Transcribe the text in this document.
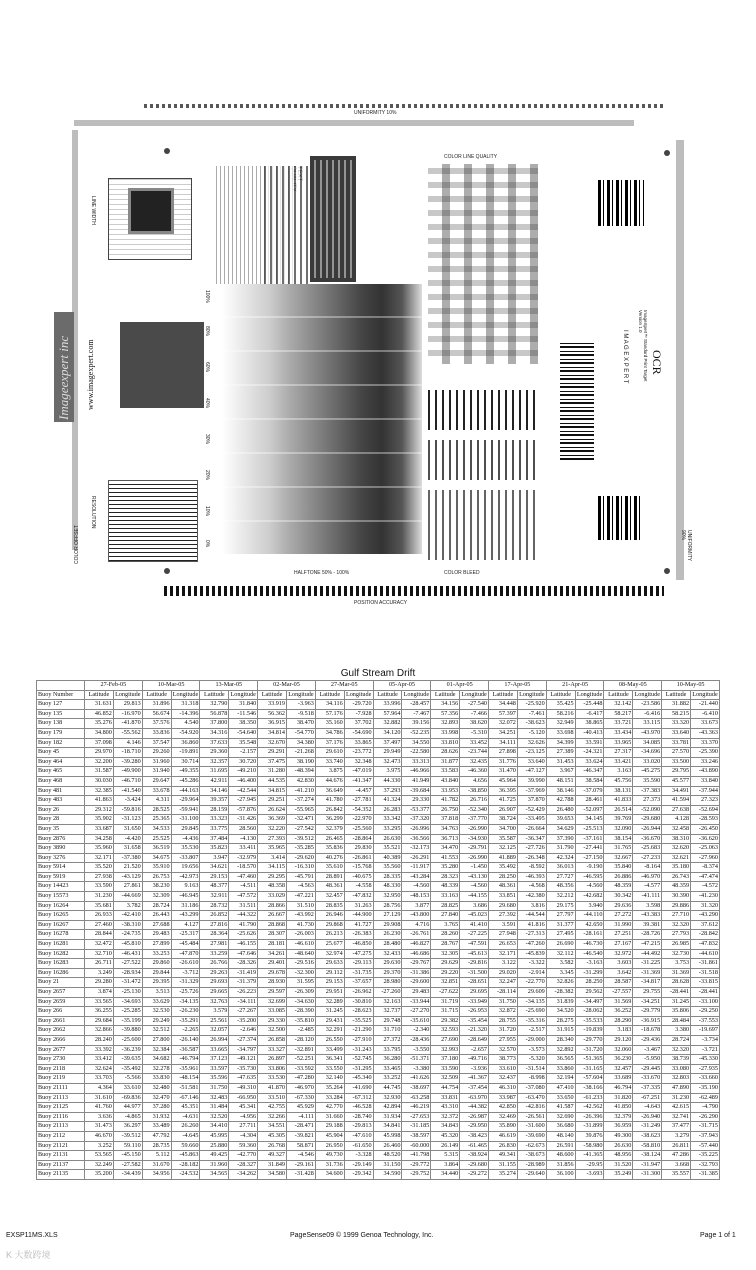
UNIFORMITY 10%
POSITION ACCURACY
UNIFORMITY 90%
LINE WIDTH
Imageexpert inc www.imagexpert.com
RESOLUTION
COLOR OFFSET
100%
80%
60%
40%
30%
20%
10%
0%
HALFTONE 50% - 100%
COLOR LINE QUALITY
COLOR BLEED
OCR
ImageXpert™ Standard Print Target Version 1.0
I M A G E X P E R T
Gulf Stream Drift
	27-Feb-05		10-Mar-05		13-Mar-05		02-Mar-05		27-Mar-05		05-Apr-05		01-Apr-05		17-Apr-05		21-Apr-05		08-May-05		10-May-05	
Buoy Number	Latitude	Longitude	Latitude	Longitude	Latitude	Longitude	Latitude	Longitude	Latitude	Longitude	Latitude	Longitude	Latitude	Longitude	Latitude	Longitude	Latitude	Longitude	Latitude	Longitude	Latitude	Longitude
Buoy 127	31.631	29.813	31.896	31.318	32.790	31.840	33.919	-3.963	34.116	-29.720	33.996	-28.457	34.156	-27.540	34.448	-25.920	35.425	-25.448	32.142	-23.586	31.882	-21.440
Buoy 135	46.852	-16.970	56.674	-14.396	56.878	-11.546	56.362	-9.518	57.176	-7.928	57.964	-7.467	57.356	-7.466	57.397	-7.461	58.216	-6.417	58.217	-6.416	58.215	-6.410
Buoy 138	35.276	-41.870	37.576	4.540	37.800	38.350	36.915	38.470	35.160	37.702	32.882	39.156	32.893	38.620	32.072	-38.623	32.949	38.865	33.721	33.115	33.320	33.673
Buoy 179	34.800	-55.562	33.836	-54.920	34.316	-54.640	34.814	-54.770	34.786	-54.690	34.120	-52.235	33.998	-5.310	34.251	-5.120	33.698	-40.413	33.434	-43.970	33.640	-43.363
Buoy 182	37.098	4.146	37.547	36.860	37.633	35.548	32.670	34.380	37.176	33.865	37.497	34.550	33.810	33.452	34.111	32.626	34.399	33.591	33.965	34.085	33.781	33.370
Buoy 45	29.970	-18.710	29.260	-19.891	29.360	-2.157	29.291	-21.268	29.610	-23.772	29.949	-22.580	28.626	-23.744	27.898	-23.125	27.389	-24.321	27.317	-34.696	27.570	-25.390
Buoy 464	32.200	-39.280	31.960	30.714	32.357	30.720	37.475	38.190	33.740	32.348	32.473	33.313	31.877	32.435	31.776	33.640	31.453	33.624	33.421	33.020	33.500	33.246
Buoy 465	31.587	-49.900	31.940	-49.355	31.695	-49.210	31.280	-48.394	3.875	-47.019	3.975	-46.966	33.583	-46.360	31.470	-47.127	3.967	-46.347	3.163	-45.275	29.795	-43.890
Buoy 468	30.030	-46.710	29.647	-45.286	42.911	-46.400	44.535	42.830	44.676	-41.347	44.330	41.949	43.840	4.656	45.964	39.990	48.151	38.584	45.756	35.590	45.577	33.840
Buoy 481	32.385	-41.540	33.678	-44.163	34.146	-42.544	34.815	-41.210	36.649	-4.457	37.293	-39.684	33.953	-38.850	36.395	-37.969	38.146	-37.079	38.131	-37.383	34.491	-37.944
Buoy 483	41.863	-3.424	4.311	-29.964	39.357	-27.945	29.251	-37.274	41.780	-27.781	41.324	29.330	41.782	26.716	41.725	37.870	42.788	28.461	41.833	27.373	41.594	27.323
Buoy 26	29.312	-59.816	28.525	-59.941	28.159	-57.876	26.624	-55.965	26.842	-54.352	26.283	-53.377	26.750	-52.340	26.907	-52.429	26.480	-52.097	26.514	-52.090	27.638	-52.694
Buoy 28	35.902	-31.123	25.365	-31.100	33.323	-31.426	36.369	-32.471	36.299	-22.970	33.342	-37.320	37.818	-37.770	38.724	-33.495	39.653	34.145	39.769	-29.680	4.128	-28.593
Buoy 35	33.687	31.650	34.533	29.845	33.775	28.560	32.220	-27.542	32.379	-25.560	33.295	-26.996	34.763	-26.990	34.700	-26.664	34.629	-25.513	32.090	-26.944	32.458	-26.450
Buoy 2876	34.258	-4.420	25.525	-4.436	37.484	-4.130	27.393	-39.512	26.465	-28.864	26.630	-36.566	36.713	-34.930	35.587	-36.347	37.390	-37.161	38.154	-36.670	38.310	-36.620
Buoy 3890	35.960	31.658	36.519	35.530	35.823	33.411	35.965	-35.285	35.836	29.830	35.521	-32.173	34.470	-29.791	32.125	-27.726	31.790	-27.441	31.765	-25.683	32.620	-25.063
Buoy 3276	32.171	-37.380	34.675	-33.807	3.947	-32.979	3.414	-29.620	40.276	-26.861	40.389	-26.291	41.553	-26.990	41.889	-26.348	42.324	-27.150	32.667	-27.233	32.621	-27.960
Buoy 5914	35.520	21.520	35.910	19.656	34.621	-18.570	34.115	-16.310	35.610	-15.768	35.560	-11.917	35.280	-1.450	35.492	-8.592	36.013	-9.190	35.840	-8.164	35.180	-8.374
Buoy 5919	27.938	-43.129	26.753	-42.973	29.153	-47.460	29.295	-45.791	28.891	-40.675	28.335	-43.284	28.323	-43.130	28.250	-46.393	27.727	-46.595	26.886	-46.970	26.743	-47.474
Buoy 14423	33.590	27.861	38.230	9.163	48.377	-4.511	48.358	-4.563	48.361	-4.558	48.330	-4.560	48.339	-4.560	48.361	-4.568	48.356	-4.560	48.359	-4.577	48.359	-4.572
Buoy 15573	31.230	-44.669	32.309	-46.945	32.911	-47.572	33.029	-47.221	32.457	-47.832	32.950	-48.153	33.163	-44.155	33.851	-42.380	32.212	-42.682	30.342	-41.111	30.390	-41.230
Buoy 16264	35.681	3.782	28.724	31.186	28.732	31.511	28.866	31.510	28.835	31.263	28.756	3.877	28.825	3.686	29.680	3.816	29.175	3.940	29.636	3.598	29.886	31.320
Buoy 16265	26.933	-42.410	26.443	-43.299	26.852	-44.322	26.667	-43.992	26.946	-44.900	27.129	-43.800	27.840	-45.023	27.392	-44.544	27.797	-44.110	27.272	-43.383	27.710	-43.290
Buoy 16267	27.460	-38.310	27.688	4.127	27.816	41.790	28.868	41.730	29.868	41.727	29.908	4.716	3.765	41.410	3.591	41.816	31.377	42.650	31.990	39.381	32.320	37.612
Buoy 16278	28.844	-24.735	29.483	-25.317	28.364	-25.626	28.307	-26.003	26.213	-26.383	26.230	-26.761	28.260	-27.225	27.948	-27.313	27.495	-28.161	27.251	-28.726	27.793	-28.842
Buoy 16281	32.472	-45.810	27.899	-45.484	27.981	-46.155	28.181	-46.610	25.677	-46.850	28.480	-46.827	28.767	-47.591	26.653	-47.260	26.690	-46.730	27.167	-47.215	26.985	-47.832
Buoy 16282	32.710	-46.431	33.253	-47.870	33.259	-47.646	34.261	-48.640	32.974	-47.275	32.433	-46.686	32.305	-45.613	32.171	-45.839	32.112	-46.540	32.972	-44.492	32.730	-44.610
Buoy 16283	26.711	-27.522	29.860	-26.610	26.766	-28.326	29.401	-29.516	29.633	-29.113	29.630	-29.767	29.629	-29.816	3.122	-3.322	3.582	-3.163	3.603	-31.225	3.753	-31.861
Buoy 16286	3.249	-28.934	29.844	-3.712	29.263	-31.419	29.678	-32.300	29.112	-31.735	29.370	-31.386	29.220	-31.500	29.020	-2.914	3.345	-31.299	3.642	-31.369	31.369	-31.518
Buoy 21	29.280	-31.472	29.395	-31.329	29.693	-31.379	28.930	31.595	29.153	-37.657	28.980	-29.600	32.851	-28.651	32.247	-22.770	32.826	28.250	28.587	-34.817	28.628	-33.815
Buoy 2657	3.874	-25.130	3.513	-25.726	29.665	-26.223	29.597	-26.309	29.951	-26.962	-27.260	29.483	-27.622	29.695	-28.114	29.609	-28.382	29.562	-27.557	29.755	-28.441	-28.441
Buoy 2659	33.565	-34.693	33.629	-34.135	32.763	-34.111	32.699	-34.630	32.289	-30.810	32.163	-33.944	31.719	-33.949	31.750	-34.135	31.839	-34.497	31.569	-34.251	31.245	-33.100
Buoy 266	36.255	-25.285	32.530	-26.230	3.579	-27.267	33.085	-28.390	31.245	-28.623	32.737	-27.270	31.715	-26.953	32.872	-25.690	34.520	-28.062	36.252	-29.779	35.806	-29.250
Buoy 2661	29.684	-35.199	29.249	-35.291	25.561	-35.200	29.330	-35.810	29.431	-35.525	29.748	-35.610	29.382	-35.454	28.755	-35.316	28.275	-35.533	28.290	-36.915	28.484	-37.553
Buoy 2662	32.866	-39.880	32.512	-2.265	32.057	-2.646	32.500	-2.485	32.291	-21.290	31.710	-2.340	32.593	-21.320	31.720	-2.517	31.915	-19.839	3.183	-18.678	3.380	-19.697
Buoy 2666	28.240	-25.600	27.800	-26.140	26.994	-27.374	26.858	-28.120	26.550	-27.910	27.372	-28.436	27.690	-28.649	27.955	-29.000	28.340	-29.770	29.120	-29.436	28.724	-3.734
Buoy 2677	33.392	-36.239	32.384	-36.587	33.665	-34.797	33.327	-32.891	33.499	-31.243	33.795	-3.550	32.993	-2.657	32.570	-3.573	32.892	-31.720	32.060	-3.467	32.320	-3.721
Buoy 2730	33.412	-39.635	34.682	-46.794	37.123	-49.121	26.897	-52.251	36.341	-52.745	36.280	-51.371	37.180	-49.716	38.773	-5.320	36.565	-51.365	36.230	-5.950	38.739	-45.330
Buoy 2118	32.624	-35.492	32.278	-35.961	33.597	-35.730	33.806	-33.592	33.550	-31.295	33.465	-3.380	33.590	-3.936	33.610	-31.514	33.860	-31.165	32.457	-29.445	33.080	-27.935
Buoy 2119	33.703	-5.566	33.830	-48.154	35.596	-47.635	33.530	-47.280	32.140	-45.340	33.252	-41.626	32.509	-41.367	32.437	-8.998	32.194	-57.604	33.689	-33.670	32.803	-33.660
Buoy 21111	4.364	33.610	32.480	-51.581	31.750	-49.310	41.870	-46.970	35.264	-41.690	44.745	-38.697	44.754	-37.454	46.310	-37.080	47.410	-38.166	46.794	-37.335	47.890	-35.190
Buoy 21113	31.610	-69.836	32.470	-67.146	32.483	-66.950	33.510	-67.330	33.284	-67.312	32.930	-63.258	33.831	-63.970	33.987	-63.470	33.650	-61.233	31.820	-67.251	31.230	-62.489
Buoy 21125	41.760	44.977	37.280	45.351	31.484	45.341	42.755	45.929	42.770	-46.528	42.894	-46.219	43.310	-44.382	42.850	-42.816	41.587	-42.562	41.850	-4.643	42.615	-4.790
Buoy 21116	3.636	-4.865	31.932	-4.631	32.520	-4.956	32.266	-4.111	31.660	-28.740	31.934	-27.653	32.372	-26.987	32.469	-26.561	32.690	-26.396	32.379	-26.940	32.741	-26.290
Buoy 21113	31.473	36.297	33.489	26.260	34.410	27.711	34.551	-28.471	29.188	-29.813	34.841	-31.185	34.843	-29.950	35.890	-31.600	36.680	-31.899	36.959	-31.249	37.477	-31.715
Buoy 2112	46.670	-39.512	47.792	-4.645	45.995	-4.304	45.305	-39.821	45.904	-47.610	45.998	-38.597	45.320	-38.423	46.619	-39.690	48.140	39.876	49.300	-38.623	3.279	-37.943
Buoy 21121	3.252	59.110	28.735	59.660	25.880	59.360	26.768	58.871	26.950	-61.650	26.460	-60.000	26.149	-61.465	26.830	-62.673	26.591	-58.980	26.630	-58.810	26.811	-57.440
Buoy 21131	53.565	-45.150	5.112	-45.863	49.425	-42.770	49.327	-4.546	49.730	-3.328	48.520	-41.798	5.315	-38.924	49.341	-38.673	48.600	-41.365	48.956	-38.124	47.286	-35.225
Buoy 21137	32.249	-27.582	31.670	-28.182	31.960	-28.327	31.849	-29.161	31.736	-29.149	31.150	-29.772	3.864	-29.680	31.155	-28.989	31.856	-29.95	31.520	-31.947	3.668	-32.793
Buoy 21135	35.200	-34.439	34.956	-24.532	34.565	-34.262	34.580	-31.428	34.600	-29.342	34.590	-29.752	34.440	-29.272	35.274	-29.640	36.100	-3.693	35.249	-31.300	35.557	-31.385
EXSP11MS.XLS	PageSense09 © 1999 Genoa Technology, Inc.	Page 1 of 1
K 大数跨境
